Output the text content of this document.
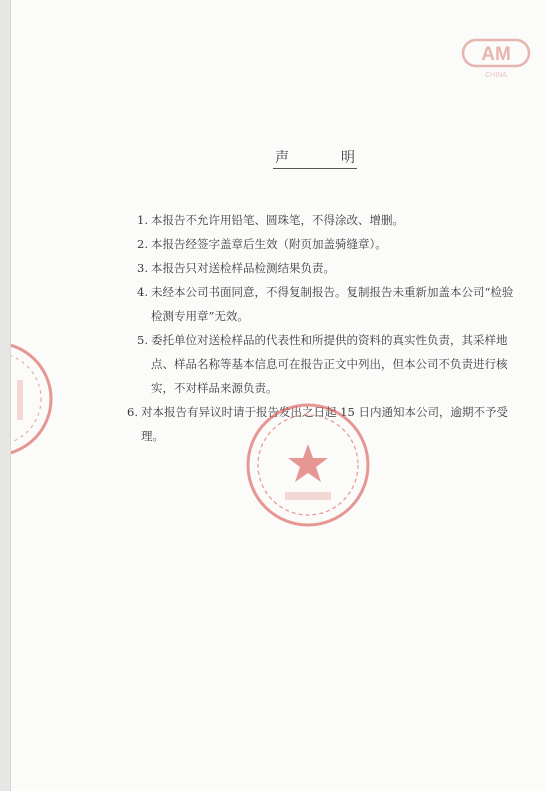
AM
CHINA

声	明
1. 本报告不允许用铅笔、圆珠笔，不得涂改、增删。
2. 本报告经签字盖章后生效（附页加盖骑缝章）。
3. 本报告只对送检样品检测结果负责。
4. 未经本公司书面同意，不得复制报告。复制报告未重新加盖本公司“检验检测专用章”无效。
5. 委托单位对送检样品的代表性和所提供的资料的真实性负责，其采样地点、样品名称等基本信息可在报告正文中列出，但本公司不负责进行核实，不对样品来源负责。
6. 对本报告有异议时请于报告发出之日起 15 日内通知本公司，逾期不予受理。
